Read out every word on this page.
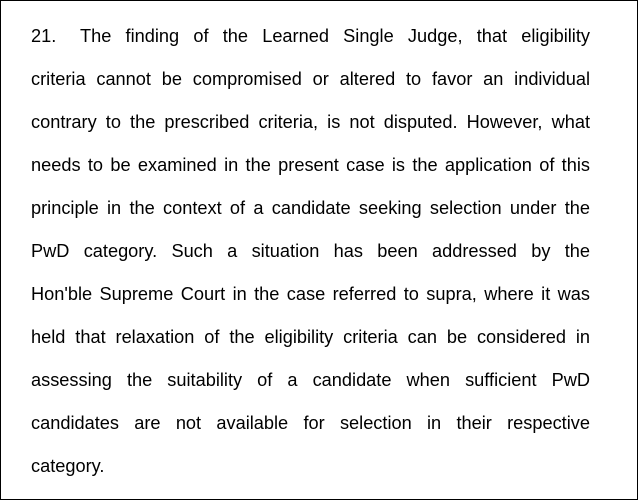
21. The finding of the Learned Single Judge, that eligibility
criteria cannot be compromised or altered to favor an individual
contrary to the prescribed criteria, is not disputed. However, what
needs to be examined in the present case is the application of this
principle in the context of a candidate seeking selection under the
PwD category. Such a situation has been addressed by the
Hon'ble Supreme Court in the case referred to supra, where it was
held that relaxation of the eligibility criteria can be considered in
assessing the suitability of a candidate when sufficient PwD
candidates are not available for selection in their respective
category.
